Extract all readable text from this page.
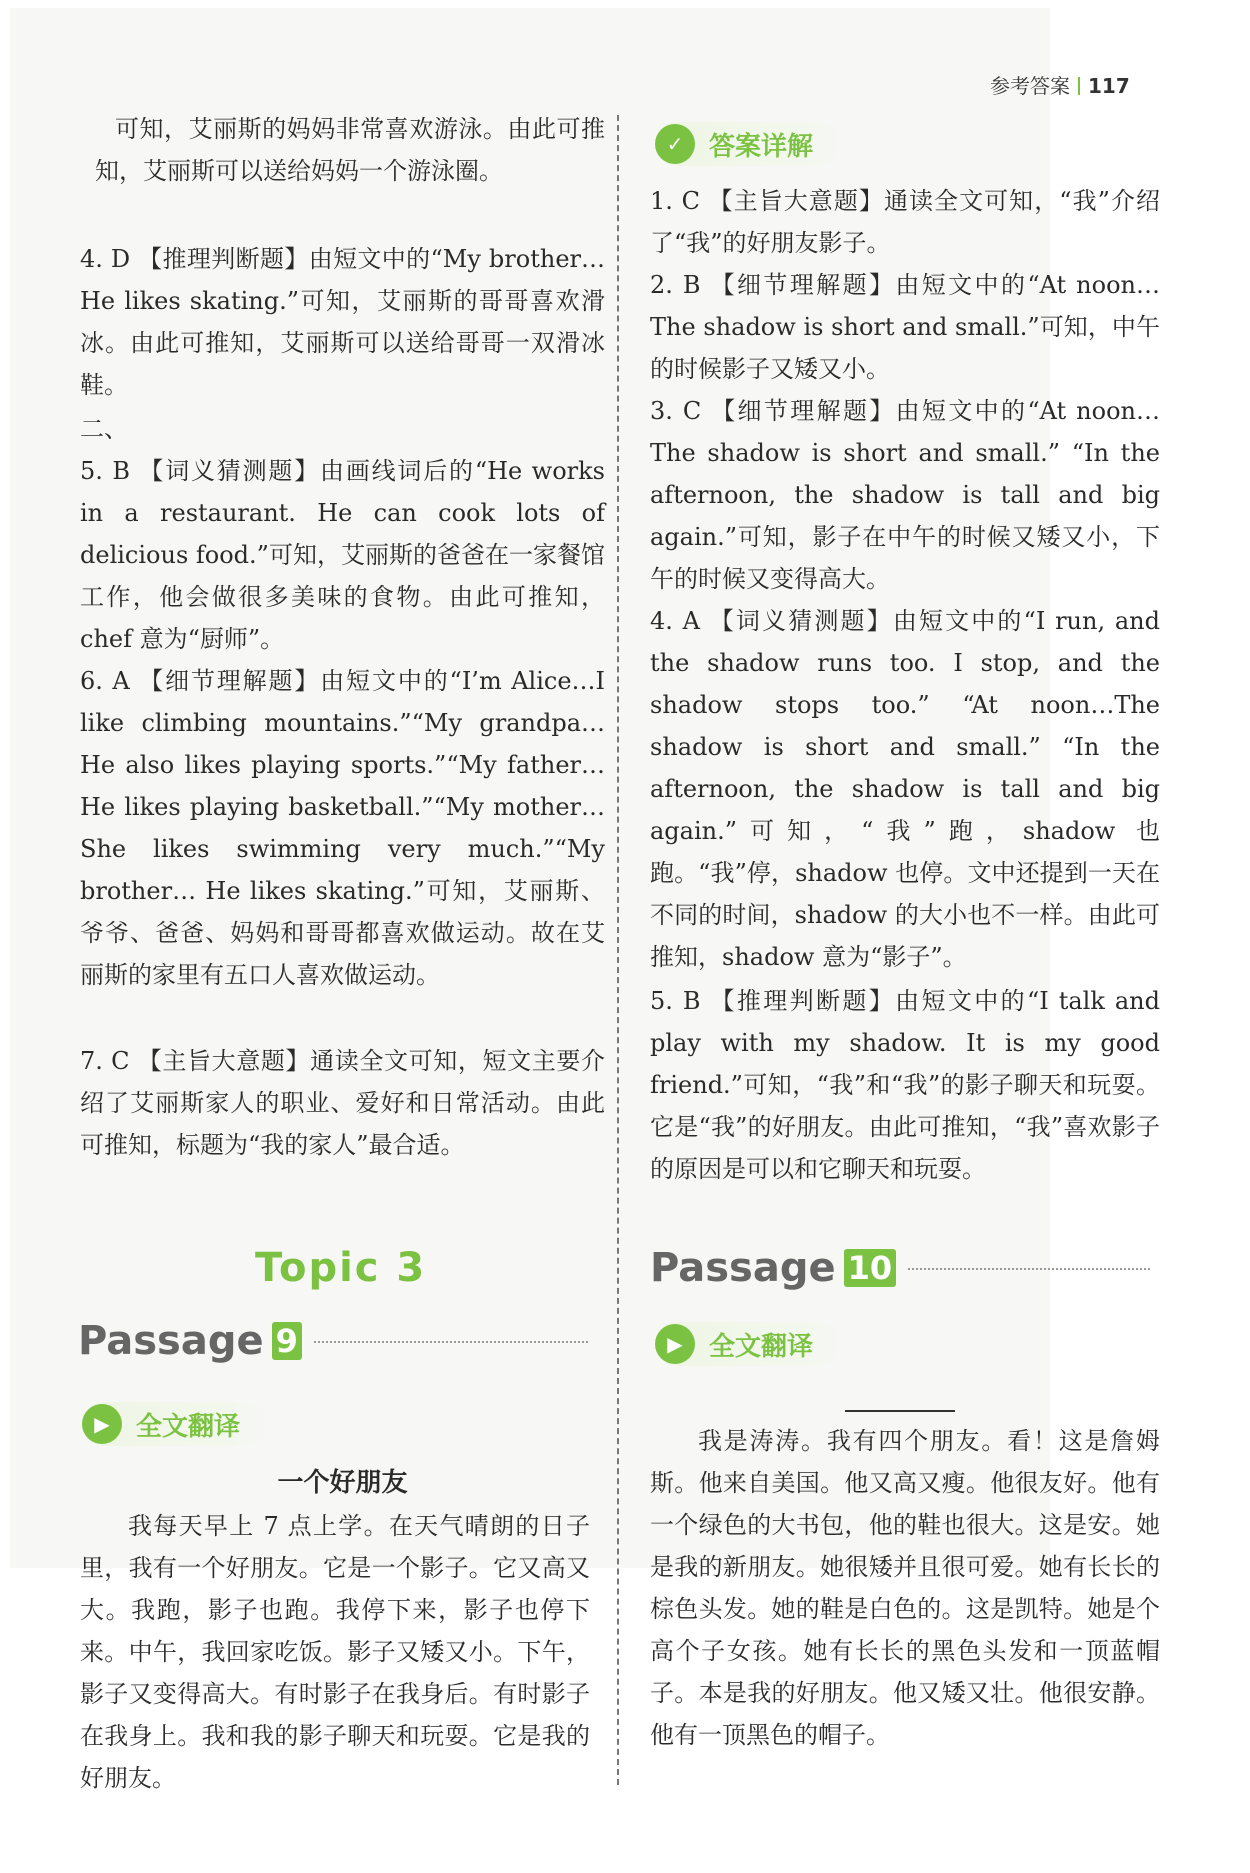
参考答案 117

可知，艾丽斯的妈妈非常喜欢游泳。由此可推知，艾丽斯可以送给妈妈一个游泳圈。

4. D 【推理判断题】由短文中的“My brother…He likes skating.”可知，艾丽斯的哥哥喜欢滑冰。由此可推知，艾丽斯可以送给哥哥一双滑冰鞋。

二、

5. B 【词义猜测题】由画线词后的“He works in a restaurant. He can cook lots of delicious food.”可知，艾丽斯的爸爸在一家餐馆工作，他会做很多美味的食物。由此可推知，chef 意为“厨师”。

6. A 【细节理解题】由短文中的“I’m Alice…I like climbing mountains.”“My grandpa… He also likes playing sports.”“My father…He likes playing basketball.”“My mother…She likes swimming very much.”“My brother… He likes skating.”可知，艾丽斯、爷爷、爸爸、妈妈和哥哥都喜欢做运动。故在艾丽斯的家里有五口人喜欢做运动。

7. C 【主旨大意题】通读全文可知，短文主要介绍了艾丽斯家人的职业、爱好和日常活动。由此可推知，标题为“我的家人”最合适。

Topic 3
Passage 9
▶	全文翻译
一个好朋友

我每天早上 7 点上学。在天气晴朗的日子里，我有一个好朋友。它是一个影子。它又高又大。我跑，影子也跑。我停下来，影子也停下来。中午，我回家吃饭。影子又矮又小。下午，影子又变得高大。有时影子在我身后。有时影子在我身上。我和我的影子聊天和玩耍。它是我的好朋友。

✓ 答案详解

1. C 【主旨大意题】通读全文可知，“我”介绍了“我”的好朋友影子。

2. B 【细节理解题】由短文中的“At noon…The shadow is short and small.”可知，中午的时候影子又矮又小。

3. C 【细节理解题】由短文中的“At noon…The shadow is short and small.” “In the afternoon, the shadow is tall and big again.”可知，影子在中午的时候又矮又小，下午的时候又变得高大。

4. A 【词义猜测题】由短文中的“I run, and the shadow runs too. I stop, and the shadow stops too.” “At noon…The shadow is short and small.” “In the afternoon, the shadow is tall and big again.”可知，“我”跑，shadow 也跑。“我”停，shadow 也停。文中还提到一天在不同的时间，shadow 的大小也不一样。由此可推知，shadow 意为“影子”。

5. B 【推理判断题】由短文中的“I talk and play with my shadow. It is my good friend.”可知，“我”和“我”的影子聊天和玩耍。它是“我”的好朋友。由此可推知，“我”喜欢影子的原因是可以和它聊天和玩耍。

Passage 10
▶	全文翻译

我是涛涛。我有四个朋友。看！这是詹姆斯。他来自美国。他又高又瘦。他很友好。他有一个绿色的大书包，他的鞋也很大。这是安。她是我的新朋友。她很矮并且很可爱。她有长长的棕色头发。她的鞋是白色的。这是凯特。她是个高个子女孩。她有长长的黑色头发和一顶蓝帽子。本是我的好朋友。他又矮又壮。他很安静。他有一顶黑色的帽子。
